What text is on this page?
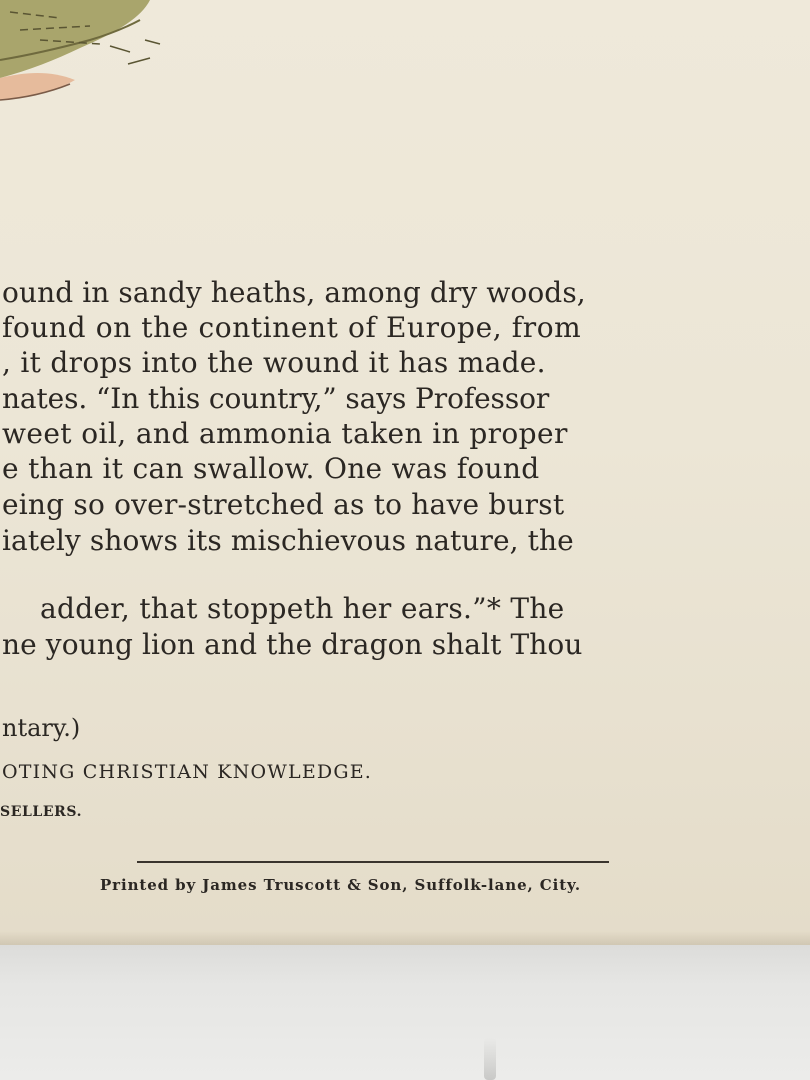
ound in sandy heaths, among dry woods,
found on the continent of Europe, from
, it drops into the wound it has made.
nates. “In this country,” says Professor
weet oil, and ammonia taken in proper
e than it can swallow. One was found
eing so over-stretched as to have burst
iately shows its mischievous nature, the
adder, that stoppeth her ears.”* The
ne young lion and the dragon shalt Thou
ntary.)
OTING CHRISTIAN KNOWLEDGE.
SELLERS.
Printed by James Truscott & Son, Suffolk-lane, City.
